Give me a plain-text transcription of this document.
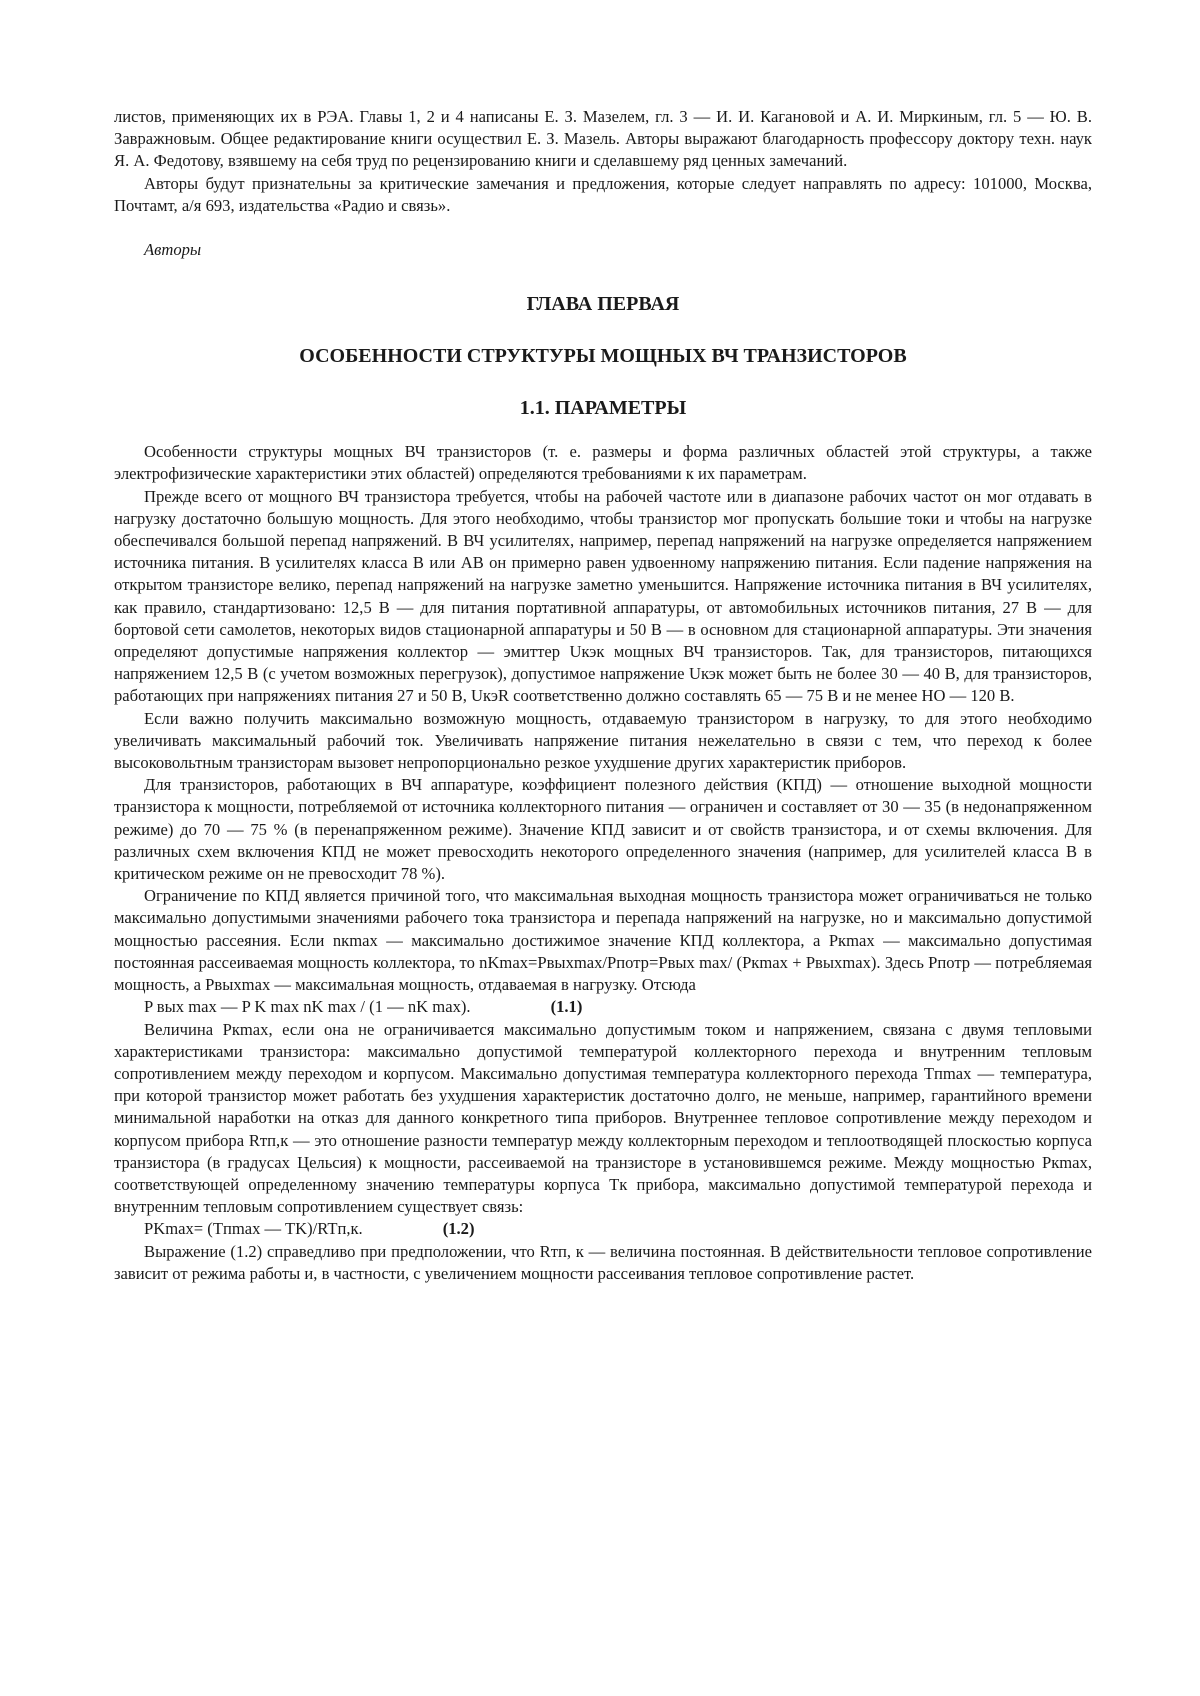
листов, применяющих их в РЭА. Главы 1, 2 и 4 написаны Е. З. Мазелем, гл. 3 — И. И. Кагановой и А. И. Миркиным, гл. 5 — Ю. В. Завражновым. Общее редактирование книги осуществил Е. З. Мазель. Авторы выражают благодарность профессору доктору техн. наук Я. А. Федотову, взявшему на себя труд по рецензированию книги и сделавшему ряд ценных замечаний.

Авторы будут признательны за критические замечания и предложения, которые следует направлять по адресу: 101000, Москва, Почтамт, а/я 693, издательства «Радио и связь».

Авторы

ГЛАВА ПЕРВАЯ
ОСОБЕННОСТИ СТРУКТУРЫ МОЩНЫХ ВЧ ТРАНЗИСТОРОВ
1.1. ПАРАМЕТРЫ

Особенности структуры мощных ВЧ транзисторов (т. е. размеры и форма различных областей этой структуры, а также электрофизические характеристики этих областей) определяются требованиями к их параметрам.

Прежде всего от мощного ВЧ транзистора требуется, чтобы на рабочей частоте или в диапазоне рабочих частот он мог отдавать в нагрузку достаточно большую мощность. Для этого необходимо, чтобы транзистор мог пропускать большие токи и чтобы на нагрузке обеспечивался большой перепад напряжений. В ВЧ усилителях, например, перепад напряжений на нагрузке определяется напряжением источника питания. В усилителях класса В или АВ он примерно равен удвоенному напряжению питания. Если падение напряжения на открытом транзисторе велико, перепад напряжений на нагрузке заметно уменьшится. Напряжение источника питания в ВЧ усилителях, как правило, стандартизовано: 12,5 В — для питания портативной аппаратуры, от автомобильных источников питания, 27 В — для бортовой сети самолетов, некоторых видов стационарной аппаратуры и 50 В — в основном для стационарной аппаратуры. Эти значения определяют допустимые напряжения коллектор — эмиттер Uкэк мощных ВЧ транзисторов. Так, для транзисторов, питающихся напряжением 12,5 В (с учетом возможных перегрузок), допустимое напряжение Uкэк может быть не более 30 — 40 В, для транзисторов, работающих при напряжениях питания 27 и 50 В, UкэR соответственно должно составлять 65 — 75 В и не менее НО — 120 В.

Если важно получить максимально возможную мощность, отдаваемую транзистором в нагрузку, то для этого необходимо увеличивать максимальный рабочий ток. Увеличивать напряжение питания нежелательно в связи с тем, что переход к более высоковольтным транзисторам вызовет непропорционально резкое ухудшение других характеристик приборов.

Для транзисторов, работающих в ВЧ аппаратуре, коэффициент полезного действия (КПД) — отношение выходной мощности транзистора к мощности, потребляемой от источника коллекторного питания — ограничен и составляет от 30 — 35 (в недонапряженном режиме) до 70 — 75 % (в перенапряженном режиме). Значение КПД зависит и от свойств транзистора, и от схемы включения. Для различных схем включения КПД не может превосходить некоторого определенного значения (например, для усилителей класса В в критическом режиме он не превосходит 78 %).

Ограничение по КПД является причиной того, что максимальная выходная мощность транзистора может ограничиваться не только максимально допустимыми значениями рабочего тока транзистора и перепада напряжений на нагрузке, но и максимально допустимой мощностью рассеяния. Если nкmax — максимально достижимое значение КПД коллектора, а Ркmax — максимально допустимая постоянная рассеиваемая мощность коллектора, то nKmax=Pвыхmax/Pпотр=Pвых max/ (Pкmax + Pвыхmax). Здесь Pпотр — потребляемая мощность, а Pвыхmax — максимальная мощность, отдаваемая в нагрузку. Отсюда

P вых max — P K max nK max / (1 — nK max).	(1.1)

Величина Pкmax, если она не ограничивается максимально допустимым током и напряжением, связана с двумя тепловыми характеристиками транзистора: максимально допустимой температурой коллекторного перехода и внутренним тепловым сопротивлением между переходом и корпусом. Максимально допустимая температура коллекторного перехода Tпmax — температура, при которой транзистор может работать без ухудшения характеристик достаточно долго, не меньше, например, гарантийного времени минимальной наработки на отказ для данного конкретного типа приборов. Внутреннее тепловое сопротивление между переходом и корпусом прибора Rтп,к — это отношение разности температур между коллекторным переходом и теплоотводящей плоскостью корпуса транзистора (в градусах Цельсия) к мощности, рассеиваемой на транзисторе в установившемся режиме. Между мощностью Pкmax, соответствующей определенному значению температуры корпуса Tк прибора, максимально допустимой температурой перехода и внутренним тепловым сопротивлением существует связь:

PKmax= (Tпmax — TK)/RTп,к.	(1.2)

Выражение (1.2) справедливо при предположении, что Rтп, к — величина постоянная. В действительности тепловое сопротивление зависит от режима работы и, в частности, с увеличением мощности рассеивания тепловое сопротивление растет.
